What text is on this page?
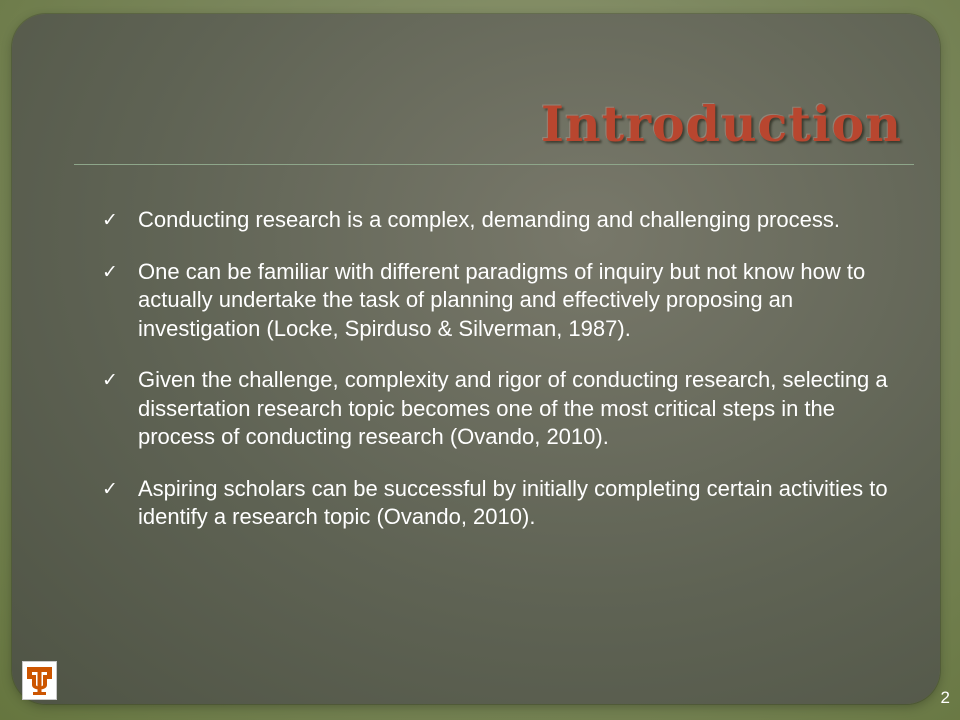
Introduction
✓ Conducting research is a complex, demanding and challenging process.
✓ One can be familiar with different paradigms of inquiry but not know how to actually undertake the task of planning and effectively proposing an investigation (Locke, Spirduso & Silverman, 1987).
✓ Given the challenge, complexity and rigor of conducting research, selecting a dissertation research topic becomes one of the most critical steps in the process of conducting research (Ovando, 2010).
✓ Aspiring scholars can be successful by initially completing certain activities to identify a research topic (Ovando, 2010).
2
